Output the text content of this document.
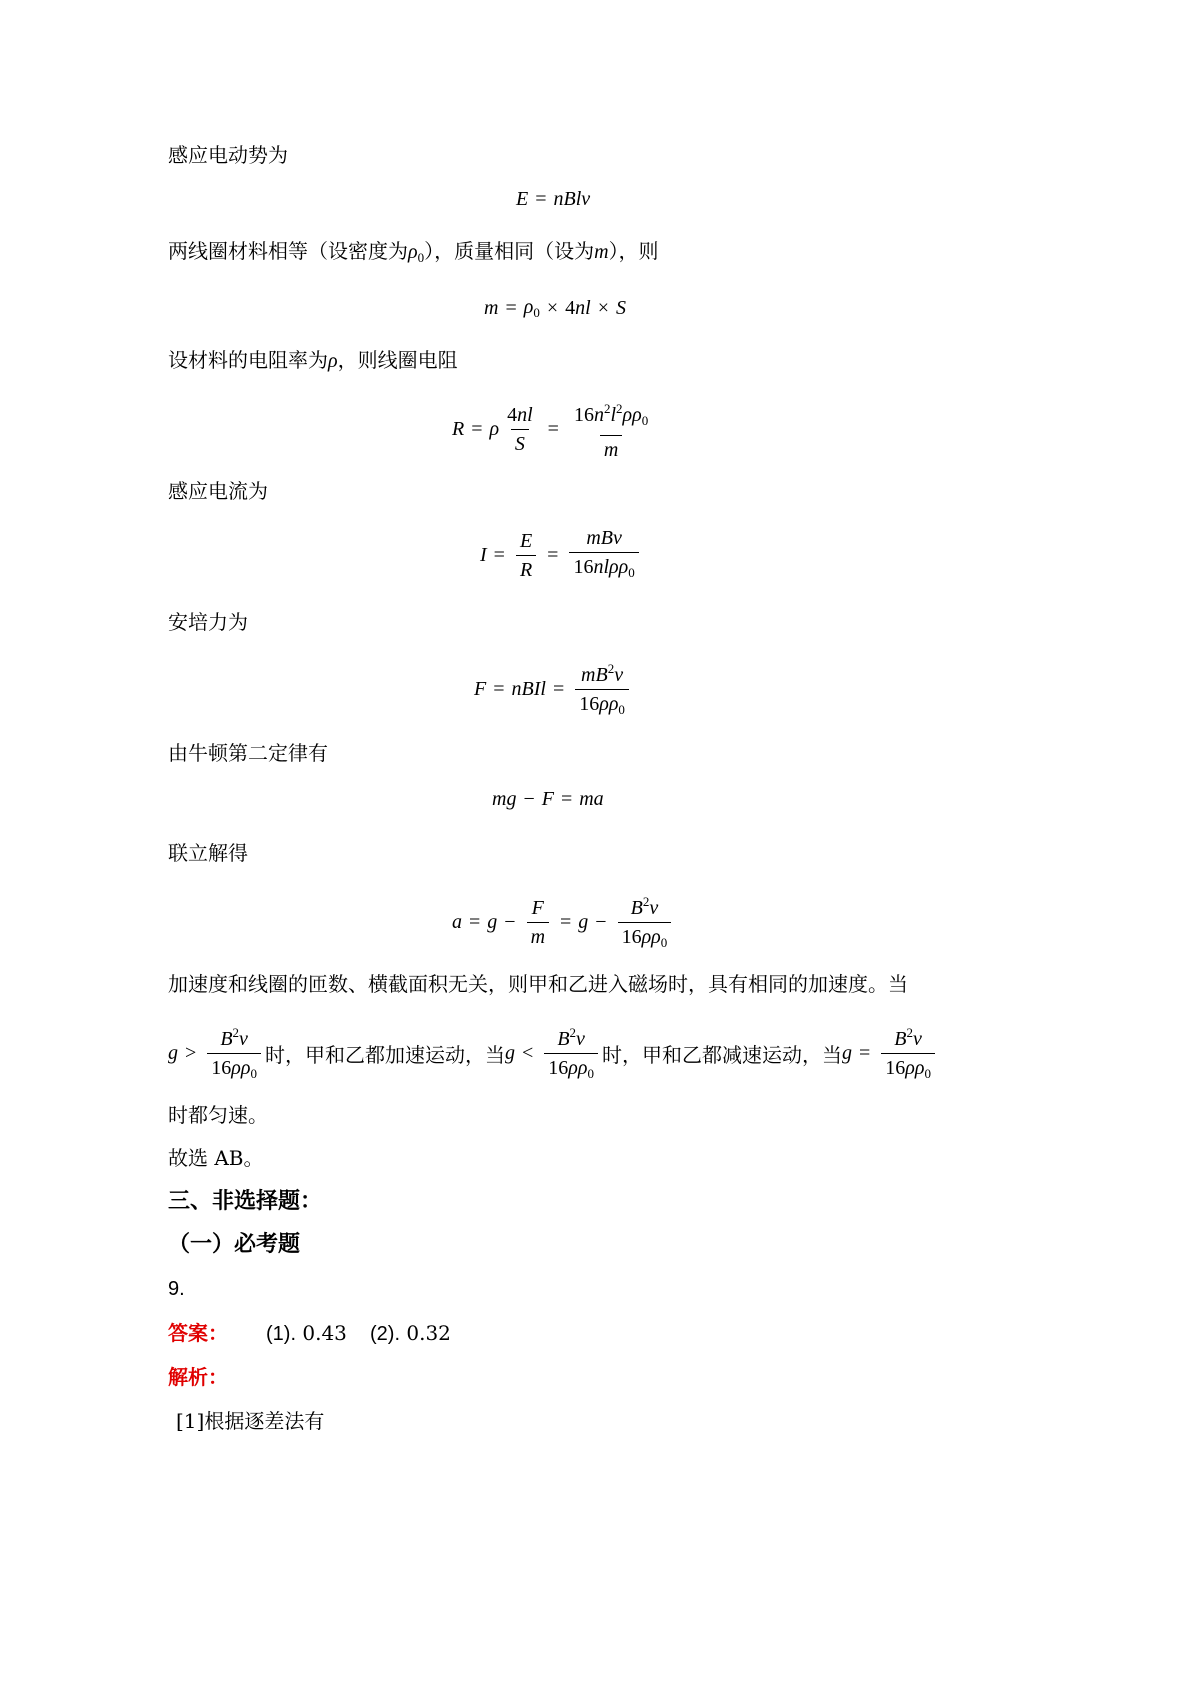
感应电动势为
E = nBlv
两线圈材料相等（设密度为$\rho_0$），质量相同（设为m），则
$m = \rho_0 \times 4$ nl × S
设材料的电阻率为ρ，则线圈电阻
R = ρ $\frac{4nl}{S} = \frac{16n^2l^2\rho\rho_0}{m}$
感应电流为
$I = \frac{E}{R} = \frac{\text{mBv}}{16nl\rho\rho_0}$
安培力为
F = nBIl = $\frac{mB^2v}{16\rho\rho_0}$
由牛顿第二定律有
mg − F = ma
联立解得
$a = g - \frac{F}{m} = g - \frac{B^2v}{16\rho\rho_0}$
加速度和线圈的匝数、横截面积无关，则甲和乙进入磁场时，具有相同的加速度。当
$g > \frac{B^2v}{16\rho\rho_0}$ 时，甲和乙都加速运动，当 $g < \frac{B^2v}{16\rho\rho_0}$ 时，甲和乙都减速运动，当 $g = \frac{B^2v}{16\rho\rho_0}$
时都匀速。
故选 AB。
三、非选择题：
（一）必考题
9.
答案： (1). 0.43 (2). 0.32
解析：
[1]根据逐差法有
